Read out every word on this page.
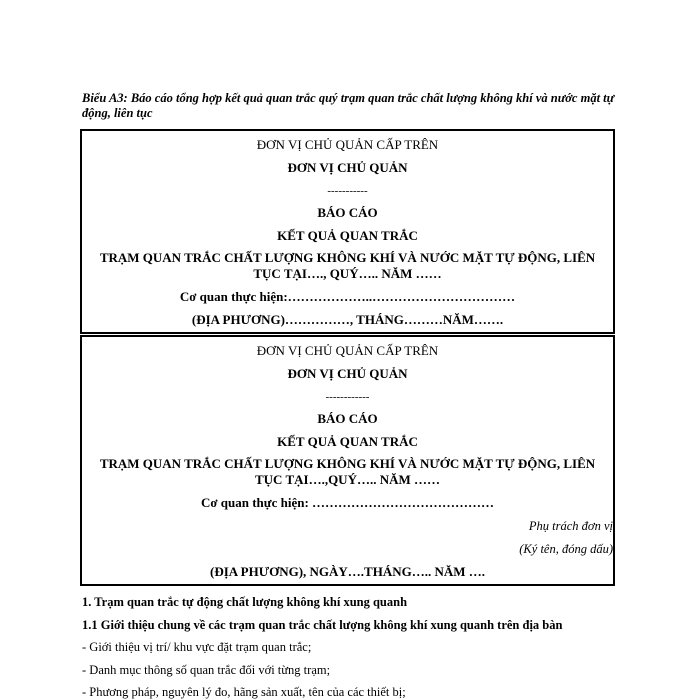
Biểu A3: Báo cáo tổng hợp kết quả quan trắc quý trạm quan trắc chất lượng không khí và nước mặt tự động, liên tục
ĐƠN VỊ CHỦ QUẢN CẤP TRÊN
ĐƠN VỊ CHỦ QUẢN
-----------
BÁO CÁO
KẾT QUẢ QUAN TRẮC
TRẠM QUAN TRẮC CHẤT LƯỢNG KHÔNG KHÍ VÀ NƯỚC MẶT TỰ ĐỘNG, LIÊN
TỤC TẠI…., QUÝ….. NĂM ……
Cơ quan thực hiện:………………..……………………………
(ĐỊA PHƯƠNG)……………, THÁNG………NĂM…….
ĐƠN VỊ CHỦ QUẢN CẤP TRÊN
ĐƠN VỊ CHỦ QUẢN
------------
BÁO CÁO
KẾT QUẢ QUAN TRẮC
TRẠM QUAN TRẮC CHẤT LƯỢNG KHÔNG KHÍ VÀ NƯỚC MẶT TỰ ĐỘNG, LIÊN
TỤC TẠI….,QUÝ….. NĂM ……
Cơ quan thực hiện: ……………………………………
Phụ trách đơn vị
(Ký tên, đóng dấu)
(ĐỊA PHƯƠNG), NGÀY….THÁNG….. NĂM ….
1. Trạm quan trắc tự động chất lượng không khí xung quanh
1.1 Giới thiệu chung về các trạm quan trắc chất lượng không khí xung quanh trên địa bàn
- Giới thiệu vị trí/ khu vực đặt trạm quan trắc;
- Danh mục thông số quan trắc đối với từng trạm;
- Phương pháp, nguyên lý đo, hãng sản xuất, tên của các thiết bị;
